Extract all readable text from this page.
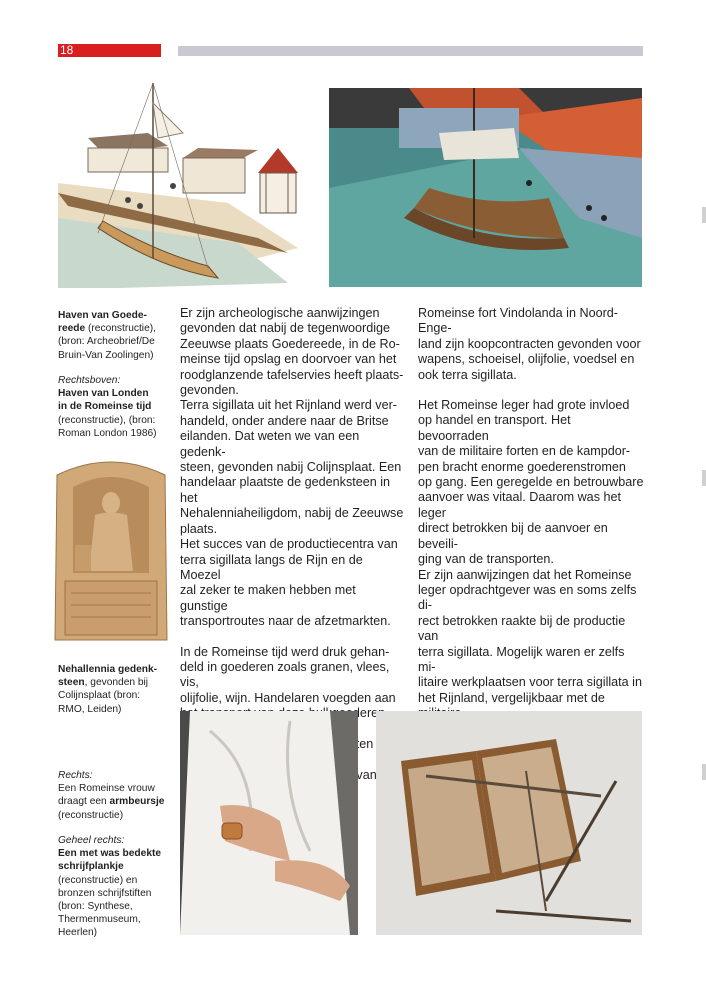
18
Haven van Goede-
reede (reconstructie),
(bron: Archeobrief/De
Bruin-Van Zoolingen)
Rechtsboven:
Haven van Londen
in de Romeinse tijd
(reconstructie), (bron:
Roman London 1986)
Nehallennia gedenk-
steen, gevonden bij
Colijnsplaat (bron:
RMO, Leiden)
Rechts:
Een Romeinse vrouw
draagt een armbeursje
(reconstructie)
Geheel rechts:
Een met was bedekte
schrijfplankje
(reconstructie) en
bronzen schrijfstiften
(bron: Synthese,
Thermenmuseum,
Heerlen)

Er zijn archeologische aanwijzingen

gevonden dat nabij de tegenwoordige

Zeeuwse plaats Goedereede, in de Ro-

meinse tijd opslag en doorvoer van het

roodglanzende tafelservies heeft plaats-

gevonden.

Terra sigillata uit het Rijnland werd ver-

handeld, onder andere naar de Britse

eilanden. Dat weten we van een gedenk-

steen, gevonden nabij Colijnsplaat. Een

handelaar plaatste de gedenksteen in het

Nehalenniaheiligdom, nabij de Zeeuwse

plaats.

Het succes van de productiecentra van

terra sigillata langs de Rijn en de Moezel

zal zeker te maken hebben met gunstige

transportroutes naar de afzetmarkten.

In de Romeinse tijd werd druk gehan-

deld in goederen zoals granen, vlees, vis,

olijfolie, wijn. Handelaren voegden aan

van

Romeinse fort Vindolanda in Noord-Enge-

land zijn koopcontracten gevonden voor

wapens, schoeisel, olijfolie, voedsel en

ook terra sigillata.

Het Romeinse leger had grote invloed

op handel en transport. Het bevoorraden

van de militaire forten en de kampdor-

pen bracht enorme goederenstromen

op gang. Een geregelde en betrouwbare

aanvoer was vitaal. Daarom was het leger

direct betrokken bij de aanvoer en beveili-

ging van de transporten.

Er zijn aanwijzingen dat het Romeinse

leger opdrachtgever was en soms zelfs di-

rect betrokken raakte bij de productie van

terra sigillata. Mogelijk waren er zelfs mi-

litaire werkplaatsen voor terra sigillata in

het Rijnland, vergelijkbaar met de
